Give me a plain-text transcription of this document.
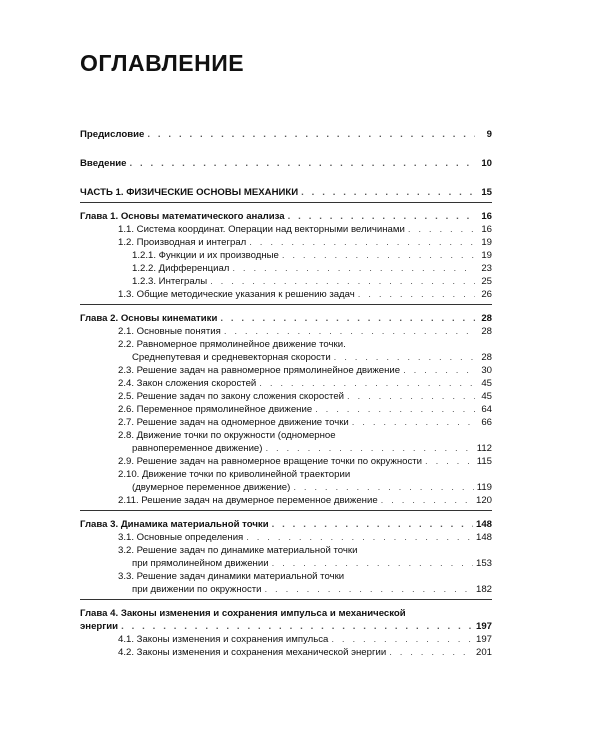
ОГЛАВЛЕНИЕ
Предисловие . . .	9
Введение . . .	10
ЧАСТЬ 1. ФИЗИЧЕСКИЕ ОСНОВЫ МЕХАНИКИ . . .	15
Глава 1. Основы математического анализа . . .	16
1.1. Система координат. Операции над векторными величинами . . .	16
1.2. Производная и интеграл . . .	19
1.2.1. Функции и их производные . . .	19
1.2.2. Дифференциал . . .	23
1.2.3. Интегралы . . .	25
1.3. Общие методические указания к решению задач . . .	26
Глава 2. Основы кинематики . . .	28
2.1. Основные понятия . . .	28
2.2. Равномерное прямолинейное движение точки.
Среднепутевая и средневекторная скорости . . .	28
2.3. Решение задач на равномерное прямолинейное движение . . .	30
2.4. Закон сложения скоростей . . .	45
2.5. Решение задач по закону сложения скоростей . . .	45
2.6. Переменное прямолинейное движение . . .	64
2.7. Решение задач на одномерное движение точки . . .	66
2.8. Движение точки по окружности (одномерное
равнопеременное движение) . . .	112
2.9. Решение задач на равномерное вращение точки по окружности . . .	115
2.10. Движение точки по криволинейной траектории
(двумерное переменное движение) . . .	119
2.11. Решение задач на двумерное переменное движение . . .	120
Глава 3. Динамика материальной точки . . .	148
3.1. Основные определения . . .	148
3.2. Решение задач по динамике материальной точки
при прямолинейном движении . . .	153
3.3. Решение задач динамики материальной точки
при движении по окружности . . .	182
Глава 4. Законы изменения и сохранения импульса и механической
энергии . . .	197
4.1. Законы изменения и сохранения импульса . . .	197
4.2. Законы изменения и сохранения механической энергии . . .	201
